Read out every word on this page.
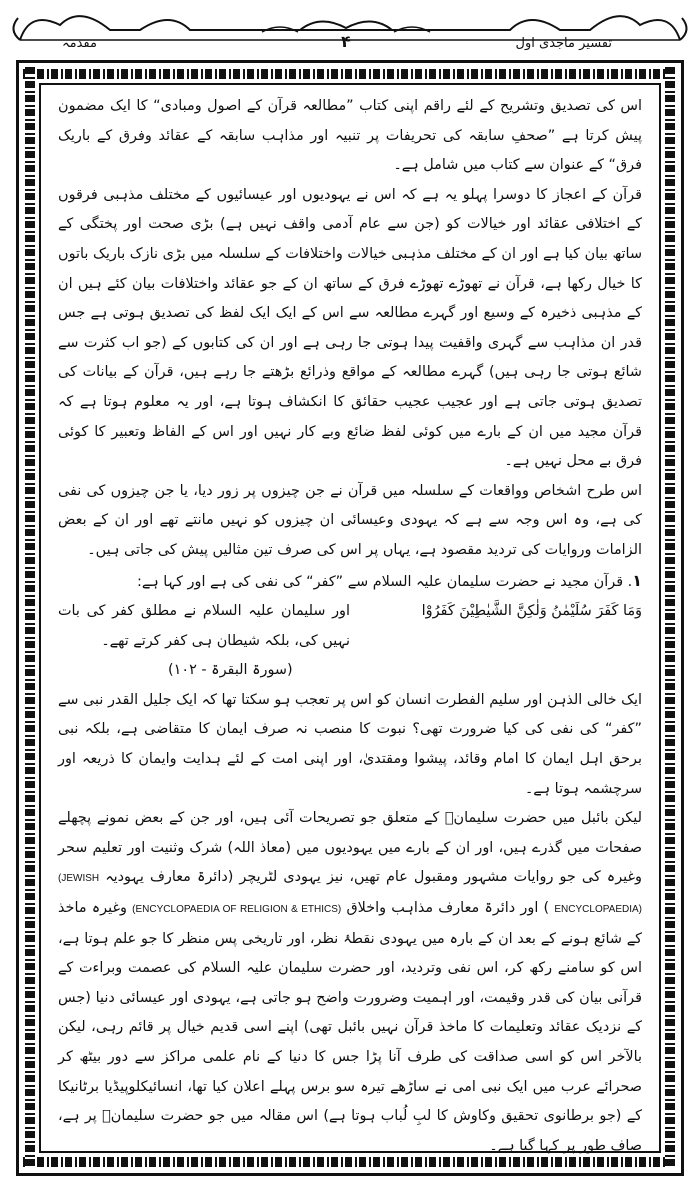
تفسیر ماجدی اول
۴
مقدمہ

اس کی تصدیق وتشریح کے لئے راقم اپنی کتاب ”مطالعہ قرآن کے اصول ومبادی“ کا ایک مضمون پیش کرتا ہے ”صحفِ سابقہ کی تحریفات پر تنبیہ اور مذاہب سابقہ کے عقائد وفرق کے باریک فرق“ کے عنوان سے کتاب میں شامل ہے۔

قرآن کے اعجاز کا دوسرا پہلو یہ ہے کہ اس نے یہودیوں اور عیسائیوں کے مختلف مذہبی فرقوں کے اختلافی عقائد اور خیالات کو (جن سے عام آدمی واقف نہیں ہے) بڑی صحت اور پختگی کے ساتھ بیان کیا ہے اور ان کے مختلف مذہبی خیالات واختلافات کے سلسلہ میں بڑی نازک باریک باتوں کا خیال رکھا ہے، قرآن نے تھوڑے تھوڑے فرق کے ساتھ ان کے جو عقائد واختلافات بیان کئے ہیں ان کے مذہبی ذخیرہ کے وسیع اور گہرے مطالعہ سے اس کے ایک ایک لفظ کی تصدیق ہوتی ہے جس قدر ان مذاہب سے گہری واقفیت پیدا ہوتی جا رہی ہے اور ان کی کتابوں کے (جو اب کثرت سے شائع ہوتی جا رہی ہیں) گہرے مطالعہ کے مواقع وذرائع بڑھتے جا رہے ہیں، قرآن کے بیانات کی تصدیق ہوتی جاتی ہے اور عجیب عجیب حقائق کا انکشاف ہوتا ہے، اور یہ معلوم ہوتا ہے کہ قرآن مجید میں ان کے بارے میں کوئی لفظ ضائع وبے کار نہیں اور اس کے الفاظ وتعبیر کا کوئی فرق بے محل نہیں ہے۔

اس طرح اشخاص وواقعات کے سلسلہ میں قرآن نے جن چیزوں پر زور دیا، یا جن چیزوں کی نفی کی ہے، وہ اس وجہ سے ہے کہ یہودی وعیسائی ان چیزوں کو نہیں مانتے تھے اور ان کے بعض الزامات وروایات کی تردید مقصود ہے، یہاں پر اس کی صرف تین مثالیں پیش کی جاتی ہیں۔

۱. قرآن مجید نے حضرت سلیمان علیہ السلام سے ”کفر“ کی نفی کی ہے اور کہا ہے:

وَمَا كَفَرَ سُلَيْمٰنُ وَلٰكِنَّ الشَّيٰطِيْنَ كَفَرُوْا
اور سلیمان علیہ السلام نے مطلق کفر کی بات نہیں کی، بلکہ شیطان ہی کفر کرتے تھے۔

(سورۃ البقرۃ - ۱۰۲)

ایک خالی الذہن اور سلیم الفطرت انسان کو اس پر تعجب ہو سکتا تھا کہ ایک جلیل القدر نبی سے ”کفر“ کی نفی کی کیا ضرورت تھی؟ نبوت کا منصب نہ صرف ایمان کا متقاضی ہے، بلکہ نبی برحق اہل ایمان کا امام وقائد، پیشوا ومقتدیٰ، اور اپنی امت کے لئے ہدایت وایمان کا ذریعہ اور سرچشمہ ہوتا ہے۔

لیکن بائبل میں حضرت سلیمانؑ کے متعلق جو تصریحات آئی ہیں، اور جن کے بعض نمونے پچھلے صفحات میں گذرے ہیں، اور ان کے بارے میں یہودیوں میں (معاذ اللہ) شرک وثنیت اور تعلیم سحر وغیرہ کی جو روایات مشہور ومقبول عام تھیں، نیز یہودی لٹریچر (دائرۃ معارف یہودیہ (JEWISH ENCYCLOPAEDIA) ) اور دائرۃ معارف مذاہب واخلاق (ENCYCLOPAEDIA OF RELIGION & ETHICS) وغیرہ ماخذ کے شائع ہونے کے بعد ان کے بارہ میں یہودی نقطۂ نظر، اور تاریخی پس منظر کا جو علم ہوتا ہے، اس کو سامنے رکھ کر، اس نفی وتردید، اور حضرت سلیمان علیہ السلام کی عصمت وبراءت کے قرآنی بیان کی قدر وقیمت، اور اہمیت وضرورت واضح ہو جاتی ہے، یہودی اور عیسائی دنیا (جس کے نزدیک عقائد وتعلیمات کا ماخذ قرآن نہیں بائبل تھی) اپنے اسی قدیم خیال پر قائم رہی، لیکن بالآخر اس کو اسی صداقت کی طرف آنا پڑا جس کا دنیا کے نام علمی مراکز سے دور بیٹھ کر صحرائے عرب میں ایک نبی امی نے ساڑھے تیرہ سو برس پہلے اعلان کیا تھا، انسائیکلوپیڈیا برٹانیکا کے (جو برطانوی تحقیق وکاوش کا لبِ لُباب ہوتا ہے) اس مقالہ میں جو حضرت سلیمانؑ پر ہے، صاف طور پر کہا گیا ہے۔
